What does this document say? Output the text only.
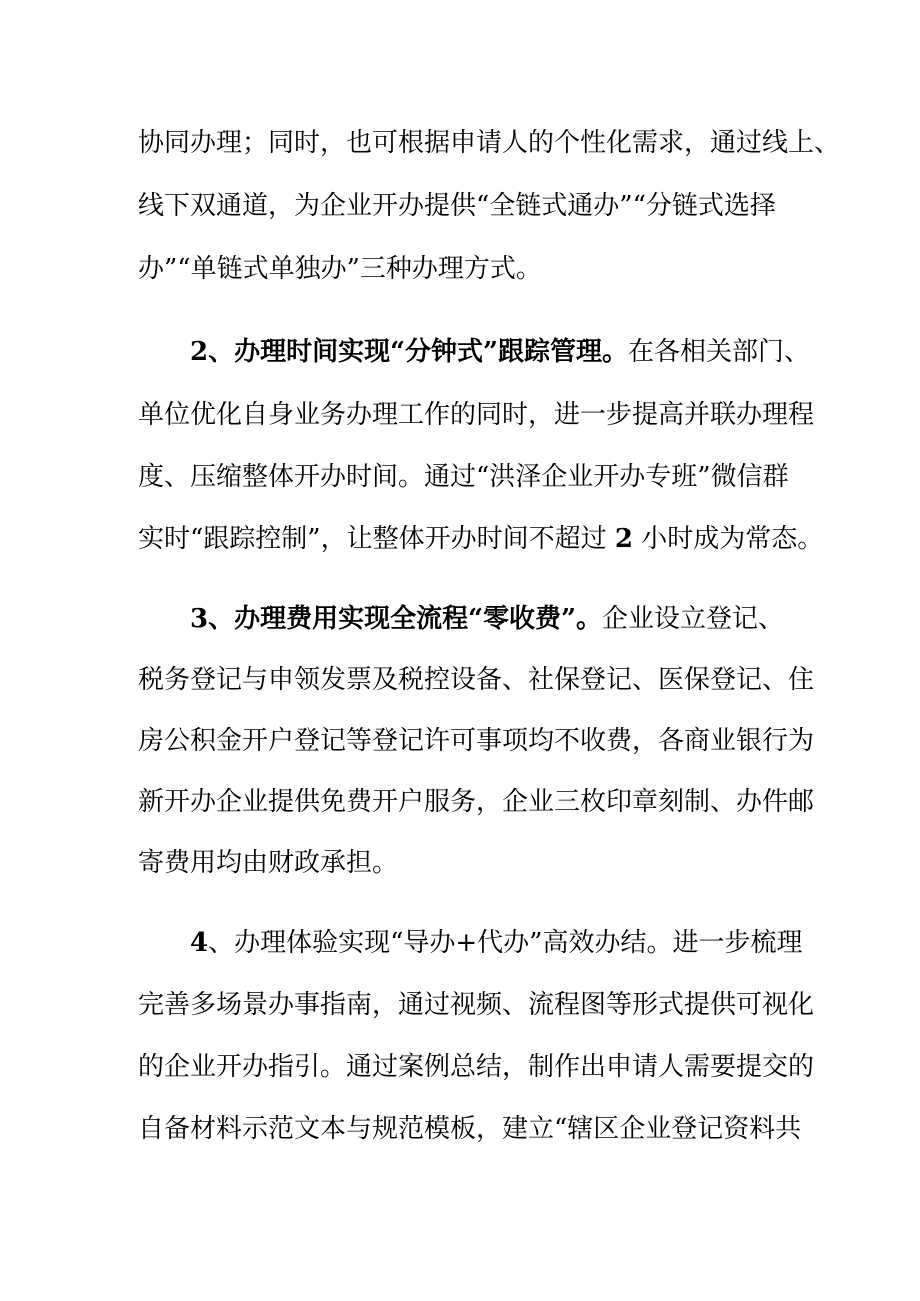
协同办理；同时，也可根据申请人的个性化需求，通过线上、
线下双通道，为企业开办提供“全链式通办”“分链式选择
办”“单链式单独办”三种办理方式。
2、办理时间实现“分钟式”跟踪管理。在各相关部门、
单位优化自身业务办理工作的同时，进一步提高并联办理程
度、压缩整体开办时间。通过“洪泽企业开办专班”微信群
实时“跟踪控制”，让整体开办时间不超过 2 小时成为常态。
3、办理费用实现全流程“零收费”。企业设立登记、
税务登记与申领发票及税控设备、社保登记、医保登记、住
房公积金开户登记等登记许可事项均不收费，各商业银行为
新开办企业提供免费开户服务，企业三枚印章刻制、办件邮
寄费用均由财政承担。
4、办理体验实现“导办+代办”高效办结。进一步梳理
完善多场景办事指南，通过视频、流程图等形式提供可视化
的企业开办指引。通过案例总结，制作出申请人需要提交的
自备材料示范文本与规范模板，建立“辖区企业登记资料共
